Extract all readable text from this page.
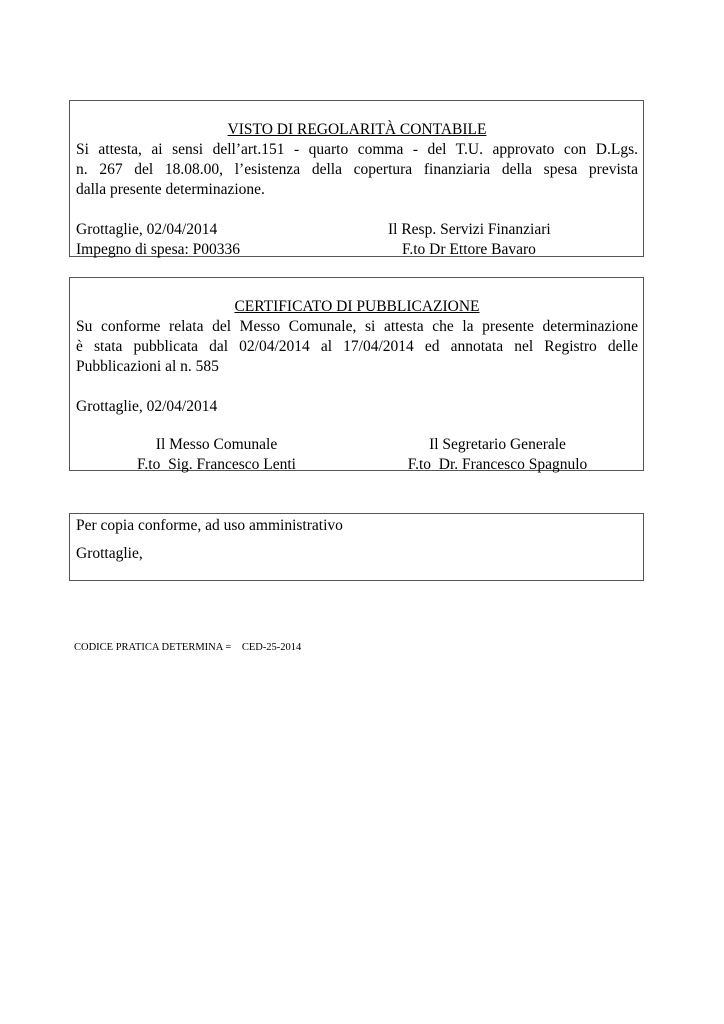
VISTO DI REGOLARITÀ CONTABILE
Si attesta, ai sensi dell’art.151 - quarto comma - del T.U. approvato con D.Lgs.
n. 267 del 18.08.00, l’esistenza della copertura finanziaria della spesa prevista
dalla presente determinazione.
Grottaglie, 02/04/2014	Il Resp. Servizi Finanziari
Impegno di spesa: P00336	F.to Dr Ettore Bavaro
CERTIFICATO DI PUBBLICAZIONE
Su conforme relata del Messo Comunale, si attesta che la presente determinazione
è stata pubblicata dal 02/04/2014 al 17/04/2014 ed annotata nel Registro delle
Pubblicazioni al n. 585
Grottaglie, 02/04/2014
Il Messo Comunale	Il Segretario Generale
F.to  Sig. Francesco Lenti	F.to  Dr. Francesco Spagnulo
Per copia conforme, ad uso amministrativo
Grottaglie,
CODICE PRATICA DETERMINA = CED-25-2014
